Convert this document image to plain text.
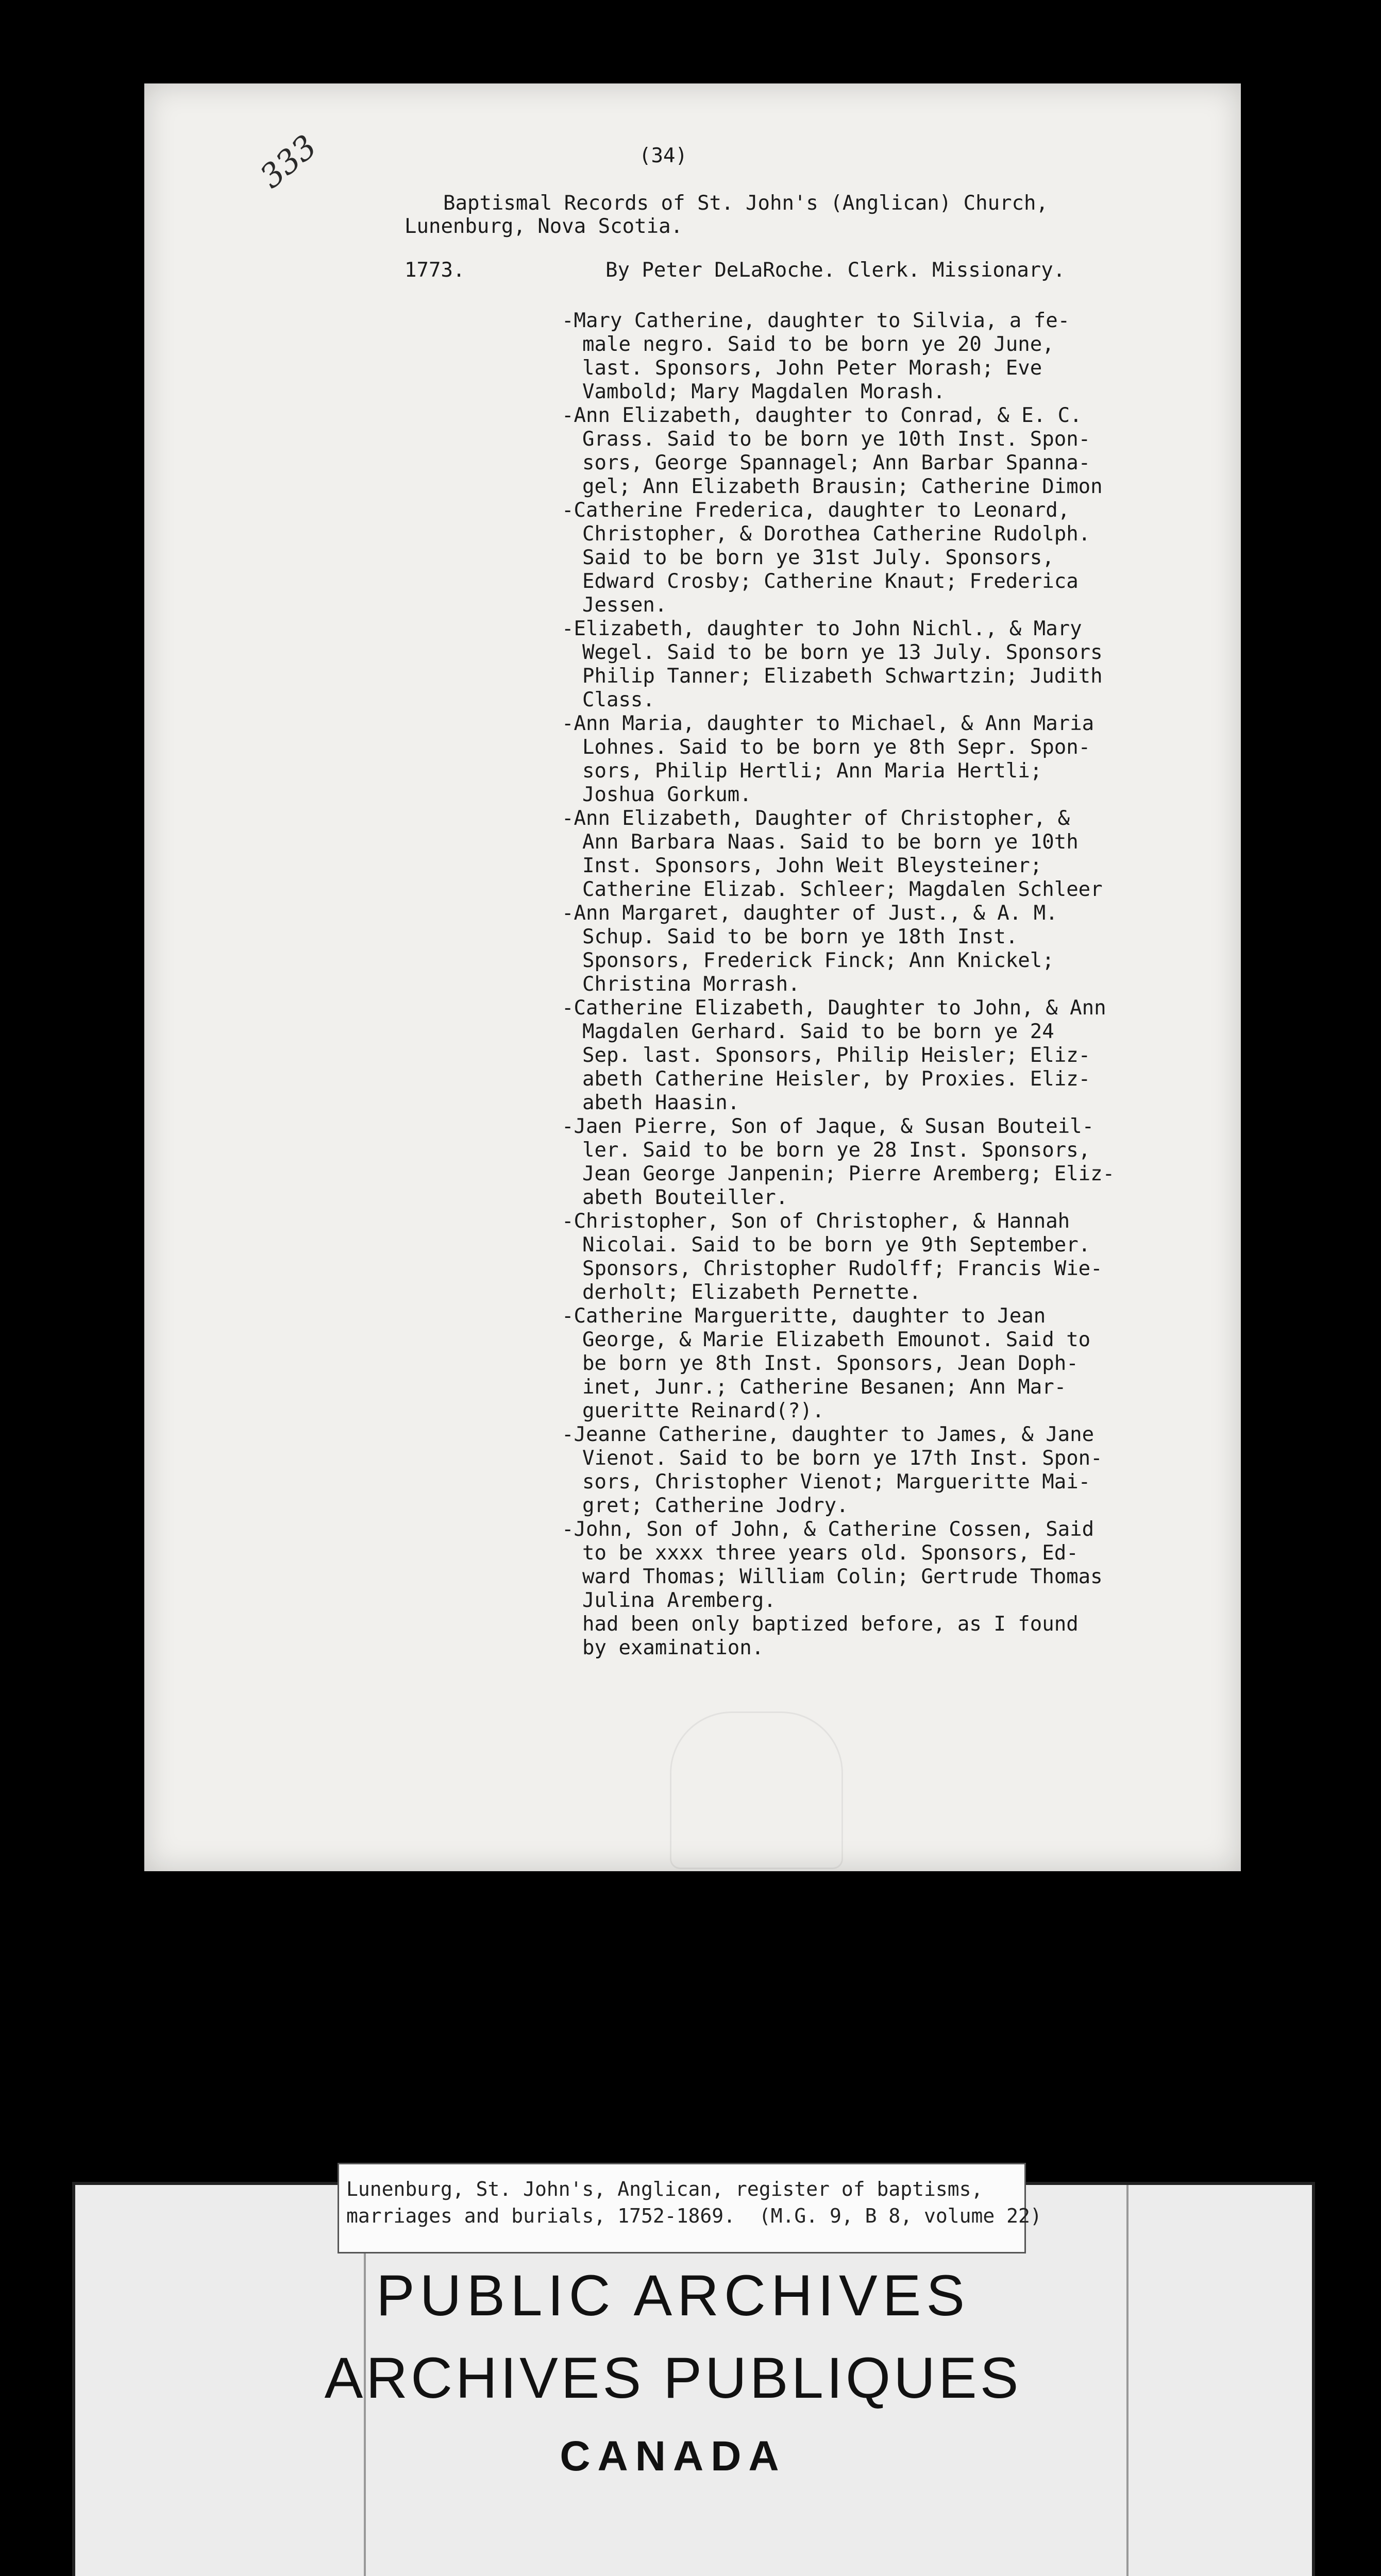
333	(34)
Baptismal Records of St. John's (Anglican) Church,
Lunenburg, Nova Scotia.
1773.	By Peter DeLaRoche. Clerk. Missionary.
-Mary Catherine, daughter to Silvia, a fe-
male negro. Said to be born ye 20 June,
last. Sponsors, John Peter Morash; Eve
Vambold; Mary Magdalen Morash.
-Ann Elizabeth, daughter to Conrad, & E. C.
Grass. Said to be born ye 10th Inst. Spon-
sors, George Spannagel; Ann Barbar Spanna-
gel; Ann Elizabeth Brausin; Catherine Dimon
-Catherine Frederica, daughter to Leonard,
Christopher, & Dorothea Catherine Rudolph.
Said to be born ye 31st July. Sponsors,
Edward Crosby; Catherine Knaut; Frederica
Jessen.
-Elizabeth, daughter to John Nichl., & Mary
Wegel. Said to be born ye 13 July. Sponsors
Philip Tanner; Elizabeth Schwartzin; Judith
Class.
-Ann Maria, daughter to Michael, & Ann Maria
Lohnes. Said to be born ye 8th Sepr. Spon-
sors, Philip Hertli; Ann Maria Hertli;
Joshua Gorkum.
-Ann Elizabeth, Daughter of Christopher, &
Ann Barbara Naas. Said to be born ye 10th
Inst. Sponsors, John Weit Bleysteiner;
Catherine Elizab. Schleer; Magdalen Schleer
-Ann Margaret, daughter of Just., & A. M.
Schup. Said to be born ye 18th Inst.
Sponsors, Frederick Finck; Ann Knickel;
Christina Morrash.
-Catherine Elizabeth, Daughter to John, & Ann
Magdalen Gerhard. Said to be born ye 24
Sep. last. Sponsors, Philip Heisler; Eliz-
abeth Catherine Heisler, by Proxies. Eliz-
abeth Haasin.
-Jaen Pierre, Son of Jaque, & Susan Bouteil-
ler. Said to be born ye 28 Inst. Sponsors,
Jean George Janpenin; Pierre Aremberg; Eliz-
abeth Bouteiller.
-Christopher, Son of Christopher, & Hannah
Nicolai. Said to be born ye 9th September.
Sponsors, Christopher Rudolff; Francis Wie-
derholt; Elizabeth Pernette.
-Catherine Margueritte, daughter to Jean
George, & Marie Elizabeth Emounot. Said to
be born ye 8th Inst. Sponsors, Jean Doph-
inet, Junr.; Catherine Besanen; Ann Mar-
gueritte Reinard(?).
-Jeanne Catherine, daughter to James, & Jane
Vienot. Said to be born ye 17th Inst. Spon-
sors, Christopher Vienot; Margueritte Mai-
gret; Catherine Jodry.
-John, Son of John, & Catherine Cossen, Said
to be xxxx three years old. Sponsors, Ed-
ward Thomas; William Colin; Gertrude Thomas
Julina Aremberg.
had been only baptized before, as I found
by examination.
PUBLIC ARCHIVES
ARCHIVES PUBLIQUES
CANADA
Lunenburg, St. John's, Anglican, register of baptisms,
marriages and burials, 1752-1869.  (M.G. 9, B 8, volume 22)
